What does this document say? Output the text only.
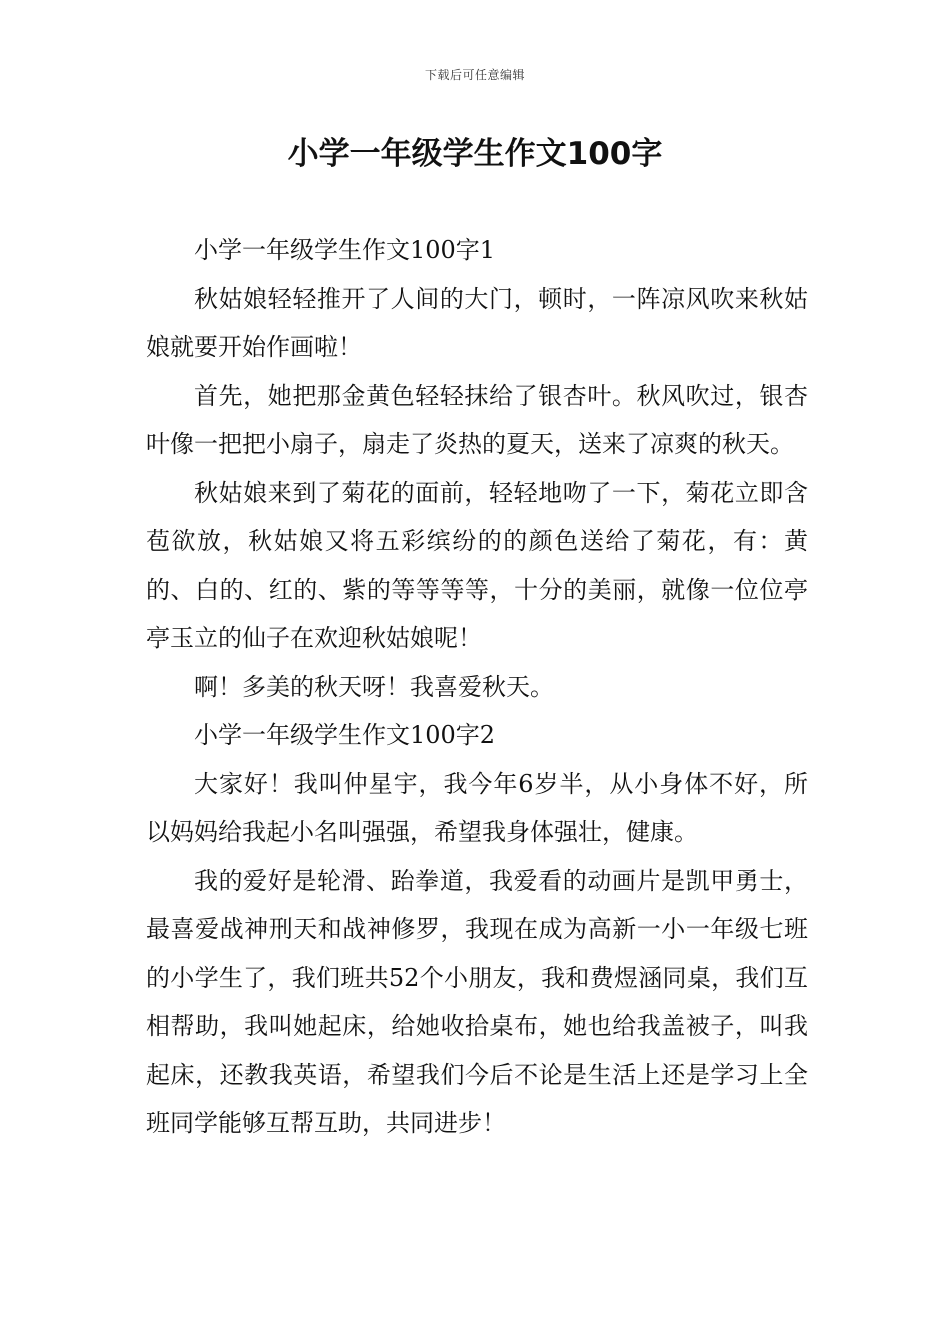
下载后可任意编辑
小学一年级学生作文100字

小学一年级学生作文100字1

秋姑娘轻轻推开了人间的大门，顿时，一阵凉风吹来秋姑娘就要开始作画啦！

首先，她把那金黄色轻轻抹给了银杏叶。秋风吹过，银杏叶像一把把小扇子，扇走了炎热的夏天，送来了凉爽的秋天。

秋姑娘来到了菊花的面前，轻轻地吻了一下，菊花立即含苞欲放，秋姑娘又将五彩缤纷的的颜色送给了菊花，有：黄的、白的、红的、紫的等等等等，十分的美丽，就像一位位亭亭玉立的仙子在欢迎秋姑娘呢！

啊！多美的秋天呀！我喜爱秋天。

小学一年级学生作文100字2

大家好！我叫仲星宇，我今年6岁半，从小身体不好，所以妈妈给我起小名叫强强，希望我身体强壮，健康。

我的爱好是轮滑、跆拳道，我爱看的动画片是凯甲勇士，最喜爱战神刑天和战神修罗，我现在成为高新一小一年级七班的小学生了，我们班共52个小朋友，我和费煜涵同桌，我们互相帮助，我叫她起床，给她收拾桌布，她也给我盖被子，叫我起床，还教我英语，希望我们今后不论是生活上还是学习上全班同学能够互帮互助，共同进步！
